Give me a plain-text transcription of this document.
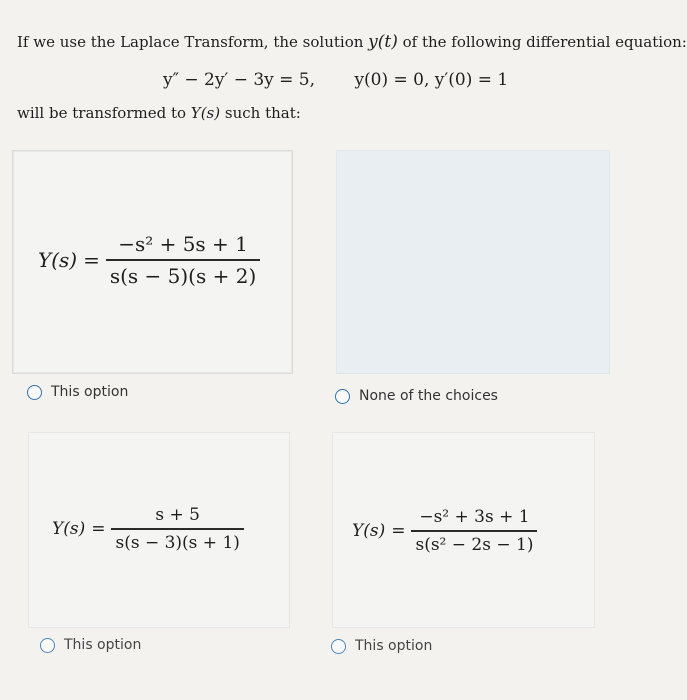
If we use the Laplace Transform, the solution y(t) of the following differential equation:
y″ − 2y′ − 3y = 5, y(0) = 0, y′(0) = 1
will be transformed to Y(s) such that:
$Y(s) = \frac{\text{−s² + 5s + 1}}{s(s - 5)(s + 2)}$
This option	None of the choices
$Y(s) = \frac{s + 5}{s(s - 3)(s + 1)}$
This option
$Y(s) = \frac{\text{−s² + 3s + 1}}{\text{s(s² − 2s − 1)}}$
This option
